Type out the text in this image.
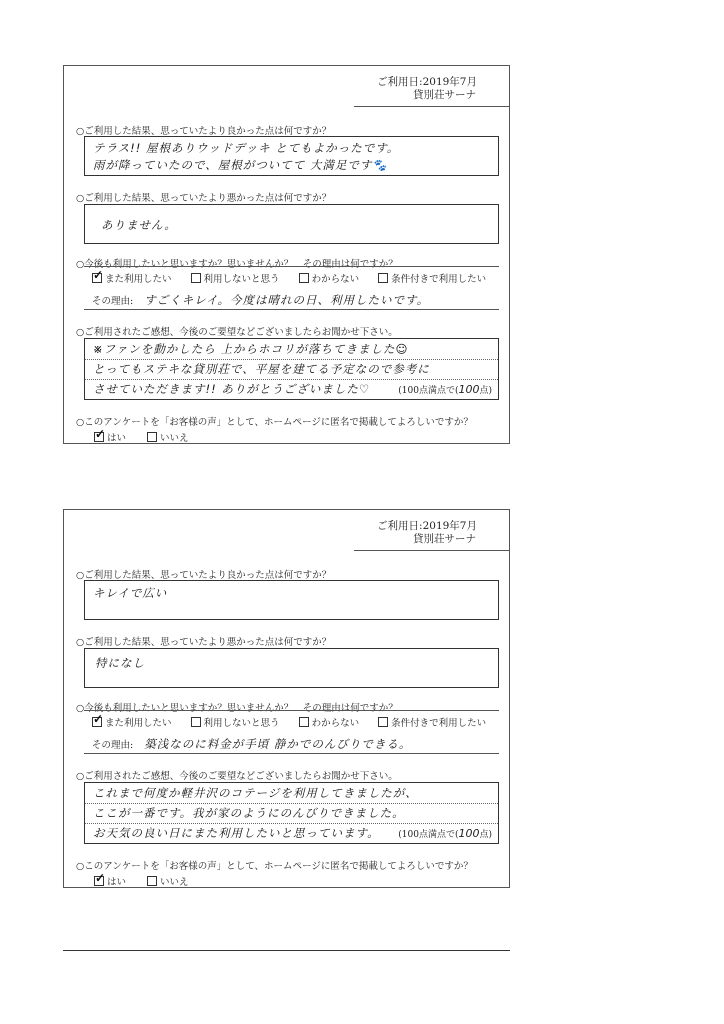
ご利用日:2019年7月
貸別荘サーナ
○ご利用した結果、思っていたより良かった点は何ですか？
テラス!! 屋根ありウッドデッキ とてもよかったです。
雨が降っていたので、屋根がついてて 大満足です🐾
○ご利用した結果、思っていたより悪かった点は何ですか？
ありません。
○今後も利用したいと思いますか？思いませんか？　その理由は何ですか？
✓また利用したい	利用しないと思う	わからない	条件付きで利用したい
その理由: すごくキレイ。今度は晴れの日、利用したいです。
○ご利用されたご感想、今後のご要望などございましたらお聞かせ下さい。
※ファンを動かしたら 上からホコリが落ちてきました☺
とってもステキな貸別荘で、平屋を建てる予定なので参考に
させていただきます!! ありがとうございました♡	(100点満点で(100点)
○このアンケートを「お客様の声」として、ホームページに匿名で掲載してよろしいですか？
✓はい	いいえ
ご利用日:2019年7月
貸別荘サーナ
○ご利用した結果、思っていたより良かった点は何ですか？
キレイで広い
○ご利用した結果、思っていたより悪かった点は何ですか？
特になし
○今後も利用したいと思いますか？思いませんか？　その理由は何ですか？
✓また利用したい	利用しないと思う	わからない	条件付きで利用したい
その理由: 築浅なのに料金が手頃 静かでのんびりできる。
○ご利用されたご感想、今後のご要望などございましたらお聞かせ下さい。
これまで何度か軽井沢のコテージを利用してきましたが、
ここが一番です。我が家のようにのんびりできました。
お天気の良い日にまた利用したいと思っています。 (100点満点で(100点)
○このアンケートを「お客様の声」として、ホームページに匿名で掲載してよろしいですか？
✓はい	いいえ
